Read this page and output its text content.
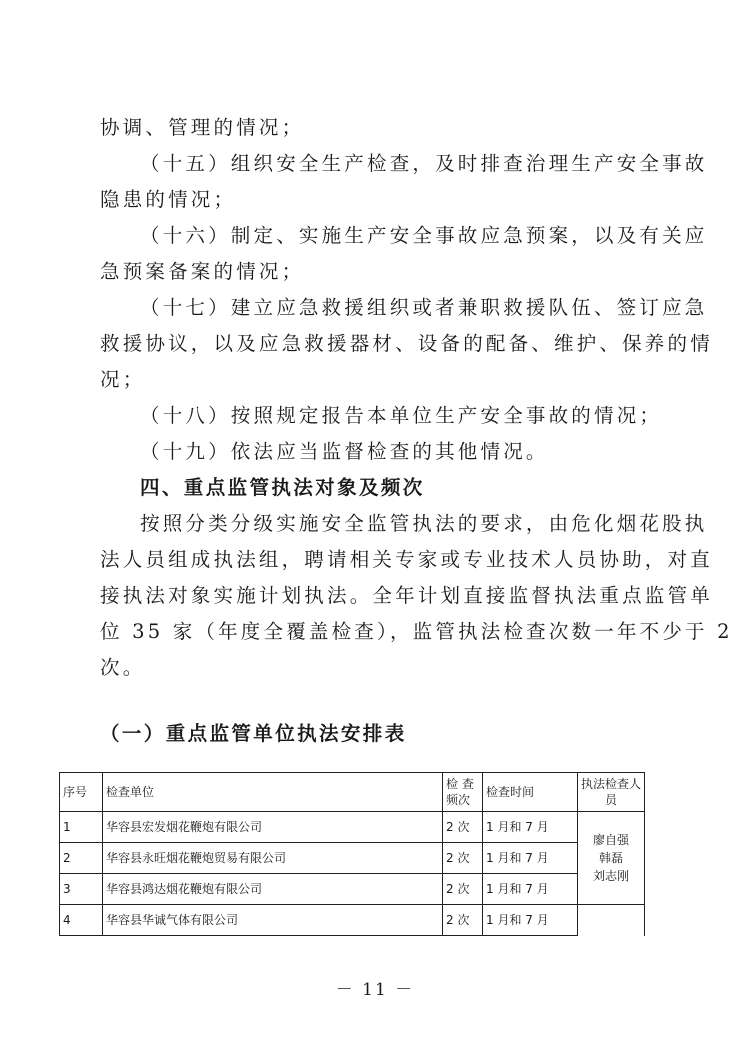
协调、管理的情况；
（十五）组织安全生产检查，及时排查治理生产安全事故
隐患的情况；
（十六）制定、实施生产安全事故应急预案，以及有关应
急预案备案的情况；
（十七）建立应急救援组织或者兼职救援队伍、签订应急
救援协议，以及应急救援器材、设备的配备、维护、保养的情
况；
（十八）按照规定报告本单位生产安全事故的情况；
（十九）依法应当监督检查的其他情况。
四、重点监管执法对象及频次
按照分类分级实施安全监管执法的要求，由危化烟花股执
法人员组成执法组，聘请相关专家或专业技术人员协助，对直
接执法对象实施计划执法。全年计划直接监督执法重点监管单
位 35 家（年度全覆盖检查），监管执法检查次数一年不少于 2
次。
（一）重点监管单位执法安排表
序号	检查单位	检 查频次	检查时间	执法检查人员
1	华容县宏发烟花鞭炮有限公司	2 次	1 月和 7 月	廖自强
韩磊
刘志刚

2	华容县永旺烟花鞭炮贸易有限公司	2 次	1 月和 7 月	
3	华容县鸿达烟花鞭炮有限公司	2 次	1 月和 7 月	
4	华容县华诚气体有限公司	2 次	1 月和 7 月	
－ 11 －
